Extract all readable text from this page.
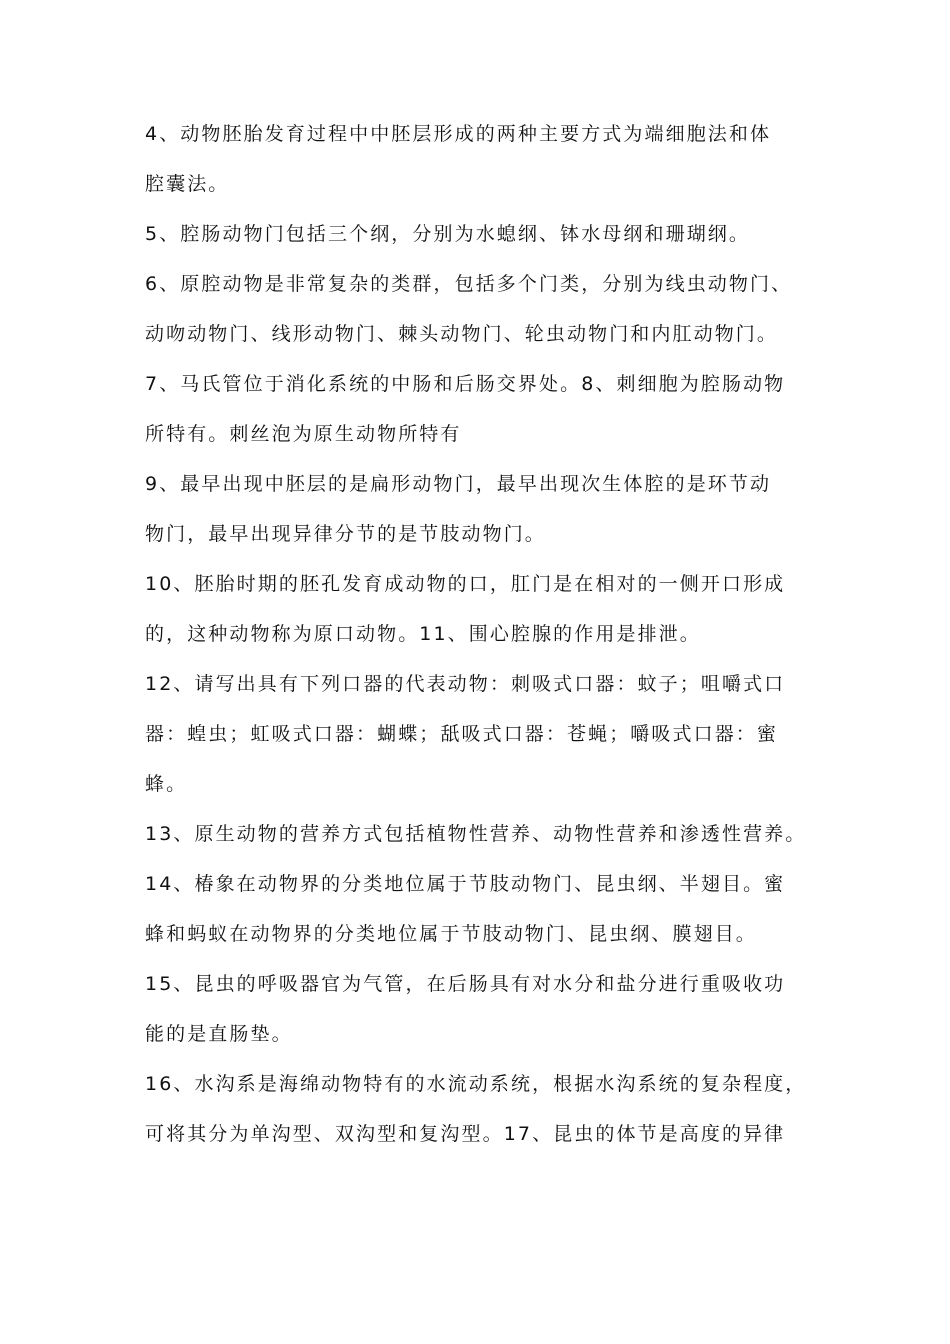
4、动物胚胎发育过程中中胚层形成的两种主要方式为端细胞法和体
腔囊法。
5、腔肠动物门包括三个纲，分别为水螅纲、钵水母纲和珊瑚纲。
6、原腔动物是非常复杂的类群，包括多个门类，分别为线虫动物门、
动吻动物门、线形动物门、棘头动物门、轮虫动物门和内肛动物门。
7、马氏管位于消化系统的中肠和后肠交界处。8、刺细胞为腔肠动物
所特有。刺丝泡为原生动物所特有
9、最早出现中胚层的是扁形动物门，最早出现次生体腔的是环节动
物门，最早出现异律分节的是节肢动物门。
10、胚胎时期的胚孔发育成动物的口，肛门是在相对的一侧开口形成
的，这种动物称为原口动物。11、围心腔腺的作用是排泄。
12、请写出具有下列口器的代表动物：刺吸式口器：蚊子；咀嚼式口
器：蝗虫；虹吸式口器：蝴蝶；舐吸式口器：苍蝇；嚼吸式口器：蜜
蜂。
13、原生动物的营养方式包括植物性营养、动物性营养和渗透性营养。
14、椿象在动物界的分类地位属于节肢动物门、昆虫纲、半翅目。蜜
蜂和蚂蚁在动物界的分类地位属于节肢动物门、昆虫纲、膜翅目。
15、昆虫的呼吸器官为气管，在后肠具有对水分和盐分进行重吸收功
能的是直肠垫。
16、水沟系是海绵动物特有的水流动系统，根据水沟系统的复杂程度，
可将其分为单沟型、双沟型和复沟型。17、昆虫的体节是高度的异律
